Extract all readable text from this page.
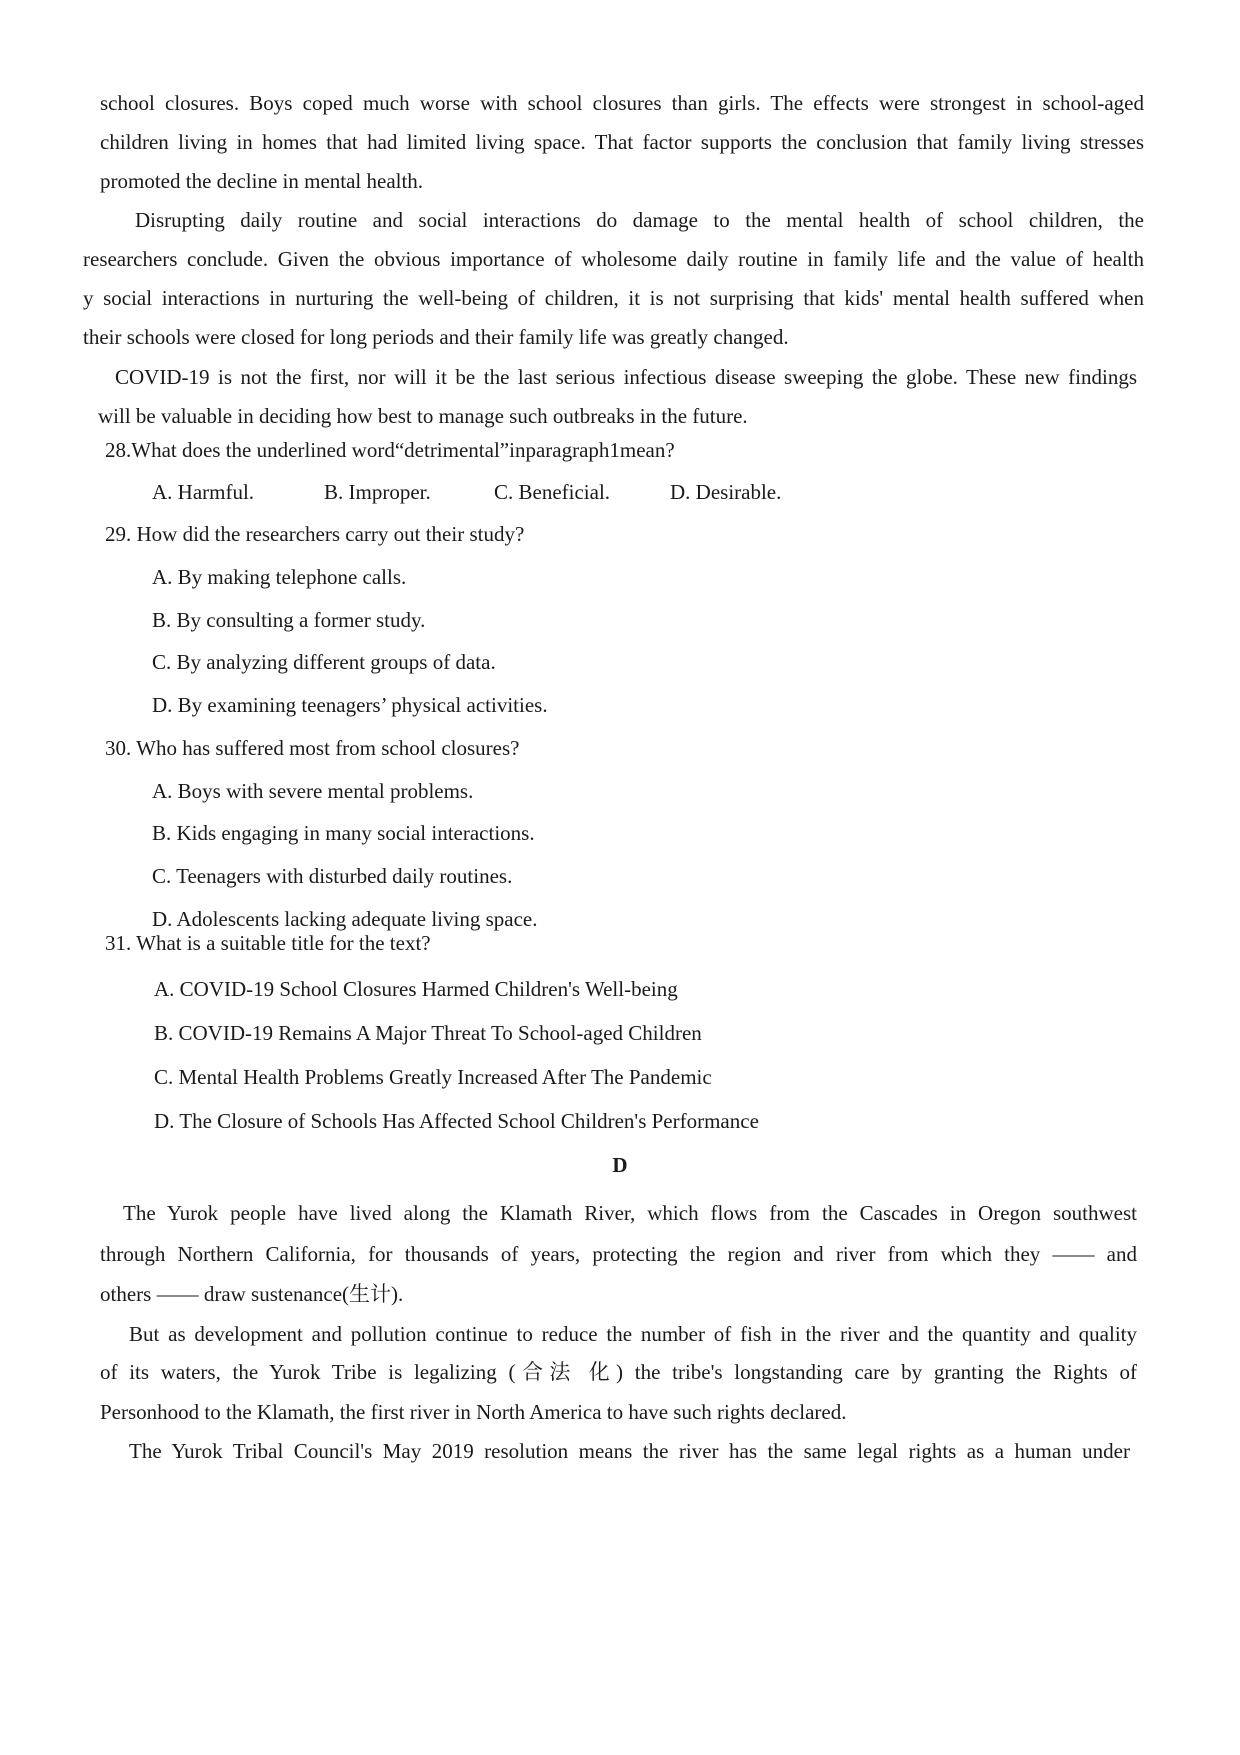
school closures. Boys coped much worse with school closures than girls. The effects were strongest in school-aged
children living in homes that had limited living space. That factor supports the conclusion that family living stresses
promoted the decline in mental health.
Disrupting daily routine and social interactions do damage to the mental health of school children, the
researchers conclude. Given the obvious importance of wholesome daily routine in family life and the value of health
y social interactions in nurturing the well-being of children, it is not surprising that kids' mental health suffered when
their schools were closed for long periods and their family life was greatly changed.
COVID-19 is not the first, nor will it be the last serious infectious disease sweeping the globe. These new findings
will be valuable in deciding how best to manage such outbreaks in the future.
28.What does the underlined word“detrimental”inparagraph1mean?
A. Harmful.	B. Improper.	C. Beneficial.	D. Desirable.
29. How did the researchers carry out their study?
A. By making telephone calls.
B. By consulting a former study.
C. By analyzing different groups of data.
D. By examining teenagers’ physical activities.
30. Who has suffered most from school closures?
A. Boys with severe mental problems.
B. Kids engaging in many social interactions.
C. Teenagers with disturbed daily routines.
D. Adolescents lacking adequate living space.
31. What is a suitable title for the text?
A. COVID-19 School Closures Harmed Children's Well-being
B. COVID-19 Remains A Major Threat To School-aged Children
C. Mental Health Problems Greatly Increased After The Pandemic
D. The Closure of Schools Has Affected School Children's Performance
D
The Yurok people have lived along the Klamath River, which flows from the Cascades in Oregon southwest
through Northern California, for thousands of years, protecting the region and river from which they —— and
others —— draw sustenance(生计).
But as development and pollution continue to reduce the number of fish in the river and the quantity and quality
of its waters, the Yurok Tribe is legalizing (合法 化) the tribe's longstanding care by granting the Rights of
Personhood to the Klamath, the first river in North America to have such rights declared.
The Yurok Tribal Council's May 2019 resolution means the river has the same legal rights as a human under
